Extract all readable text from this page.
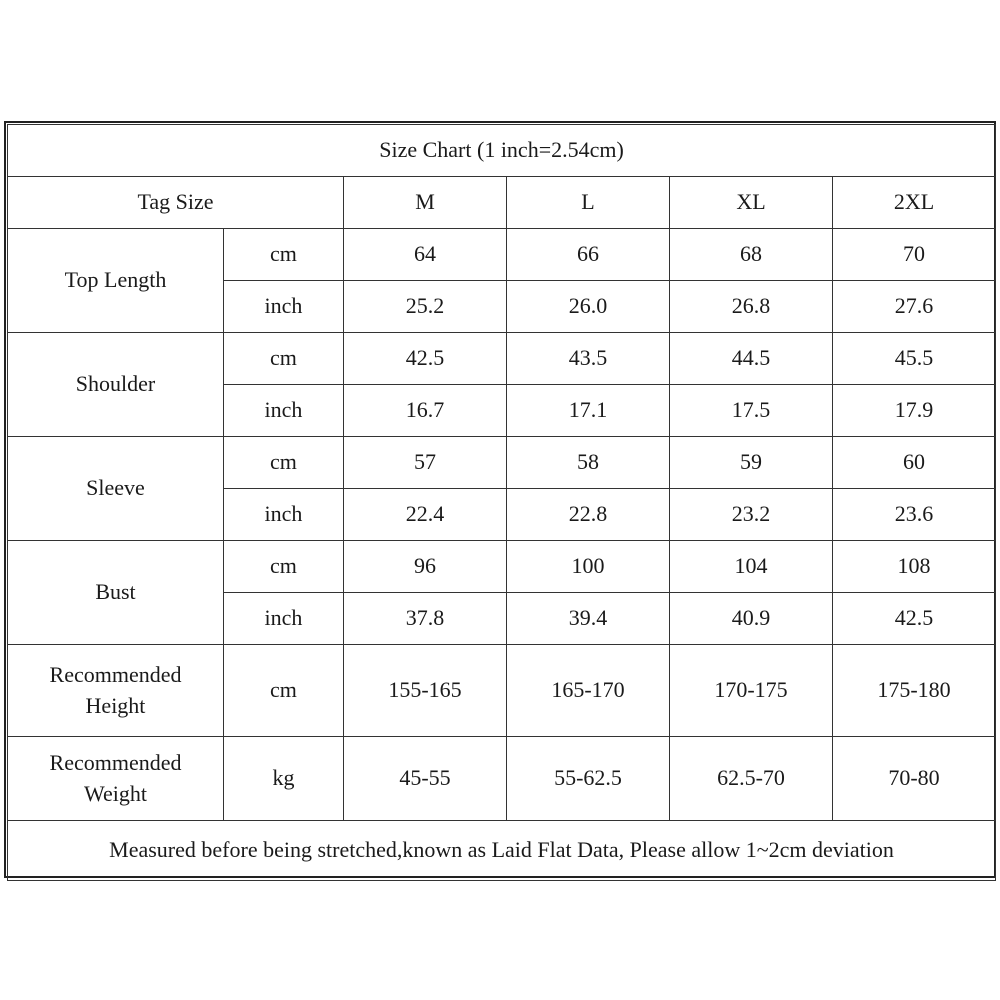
Size Chart (1 inch=2.54cm)					
Tag Size		M	L	XL	2XL
Top Length	cm	64	66	68	70
	inch	25.2	26.0	26.8	27.6
Shoulder	cm	42.5	43.5	44.5	45.5
	inch	16.7	17.1	17.5	17.9
Sleeve	cm	57	58	59	60
	inch	22.4	22.8	23.2	23.6
Bust	cm	96	100	104	108
	inch	37.8	39.4	40.9	42.5
Recommended
Height	cm	155-165	165-170	170-175	175-180
Recommended
Weight	kg	45-55	55-62.5	62.5-70	70-80
Measured before being stretched,known as Laid Flat Data, Please allow 1~2cm deviation					
